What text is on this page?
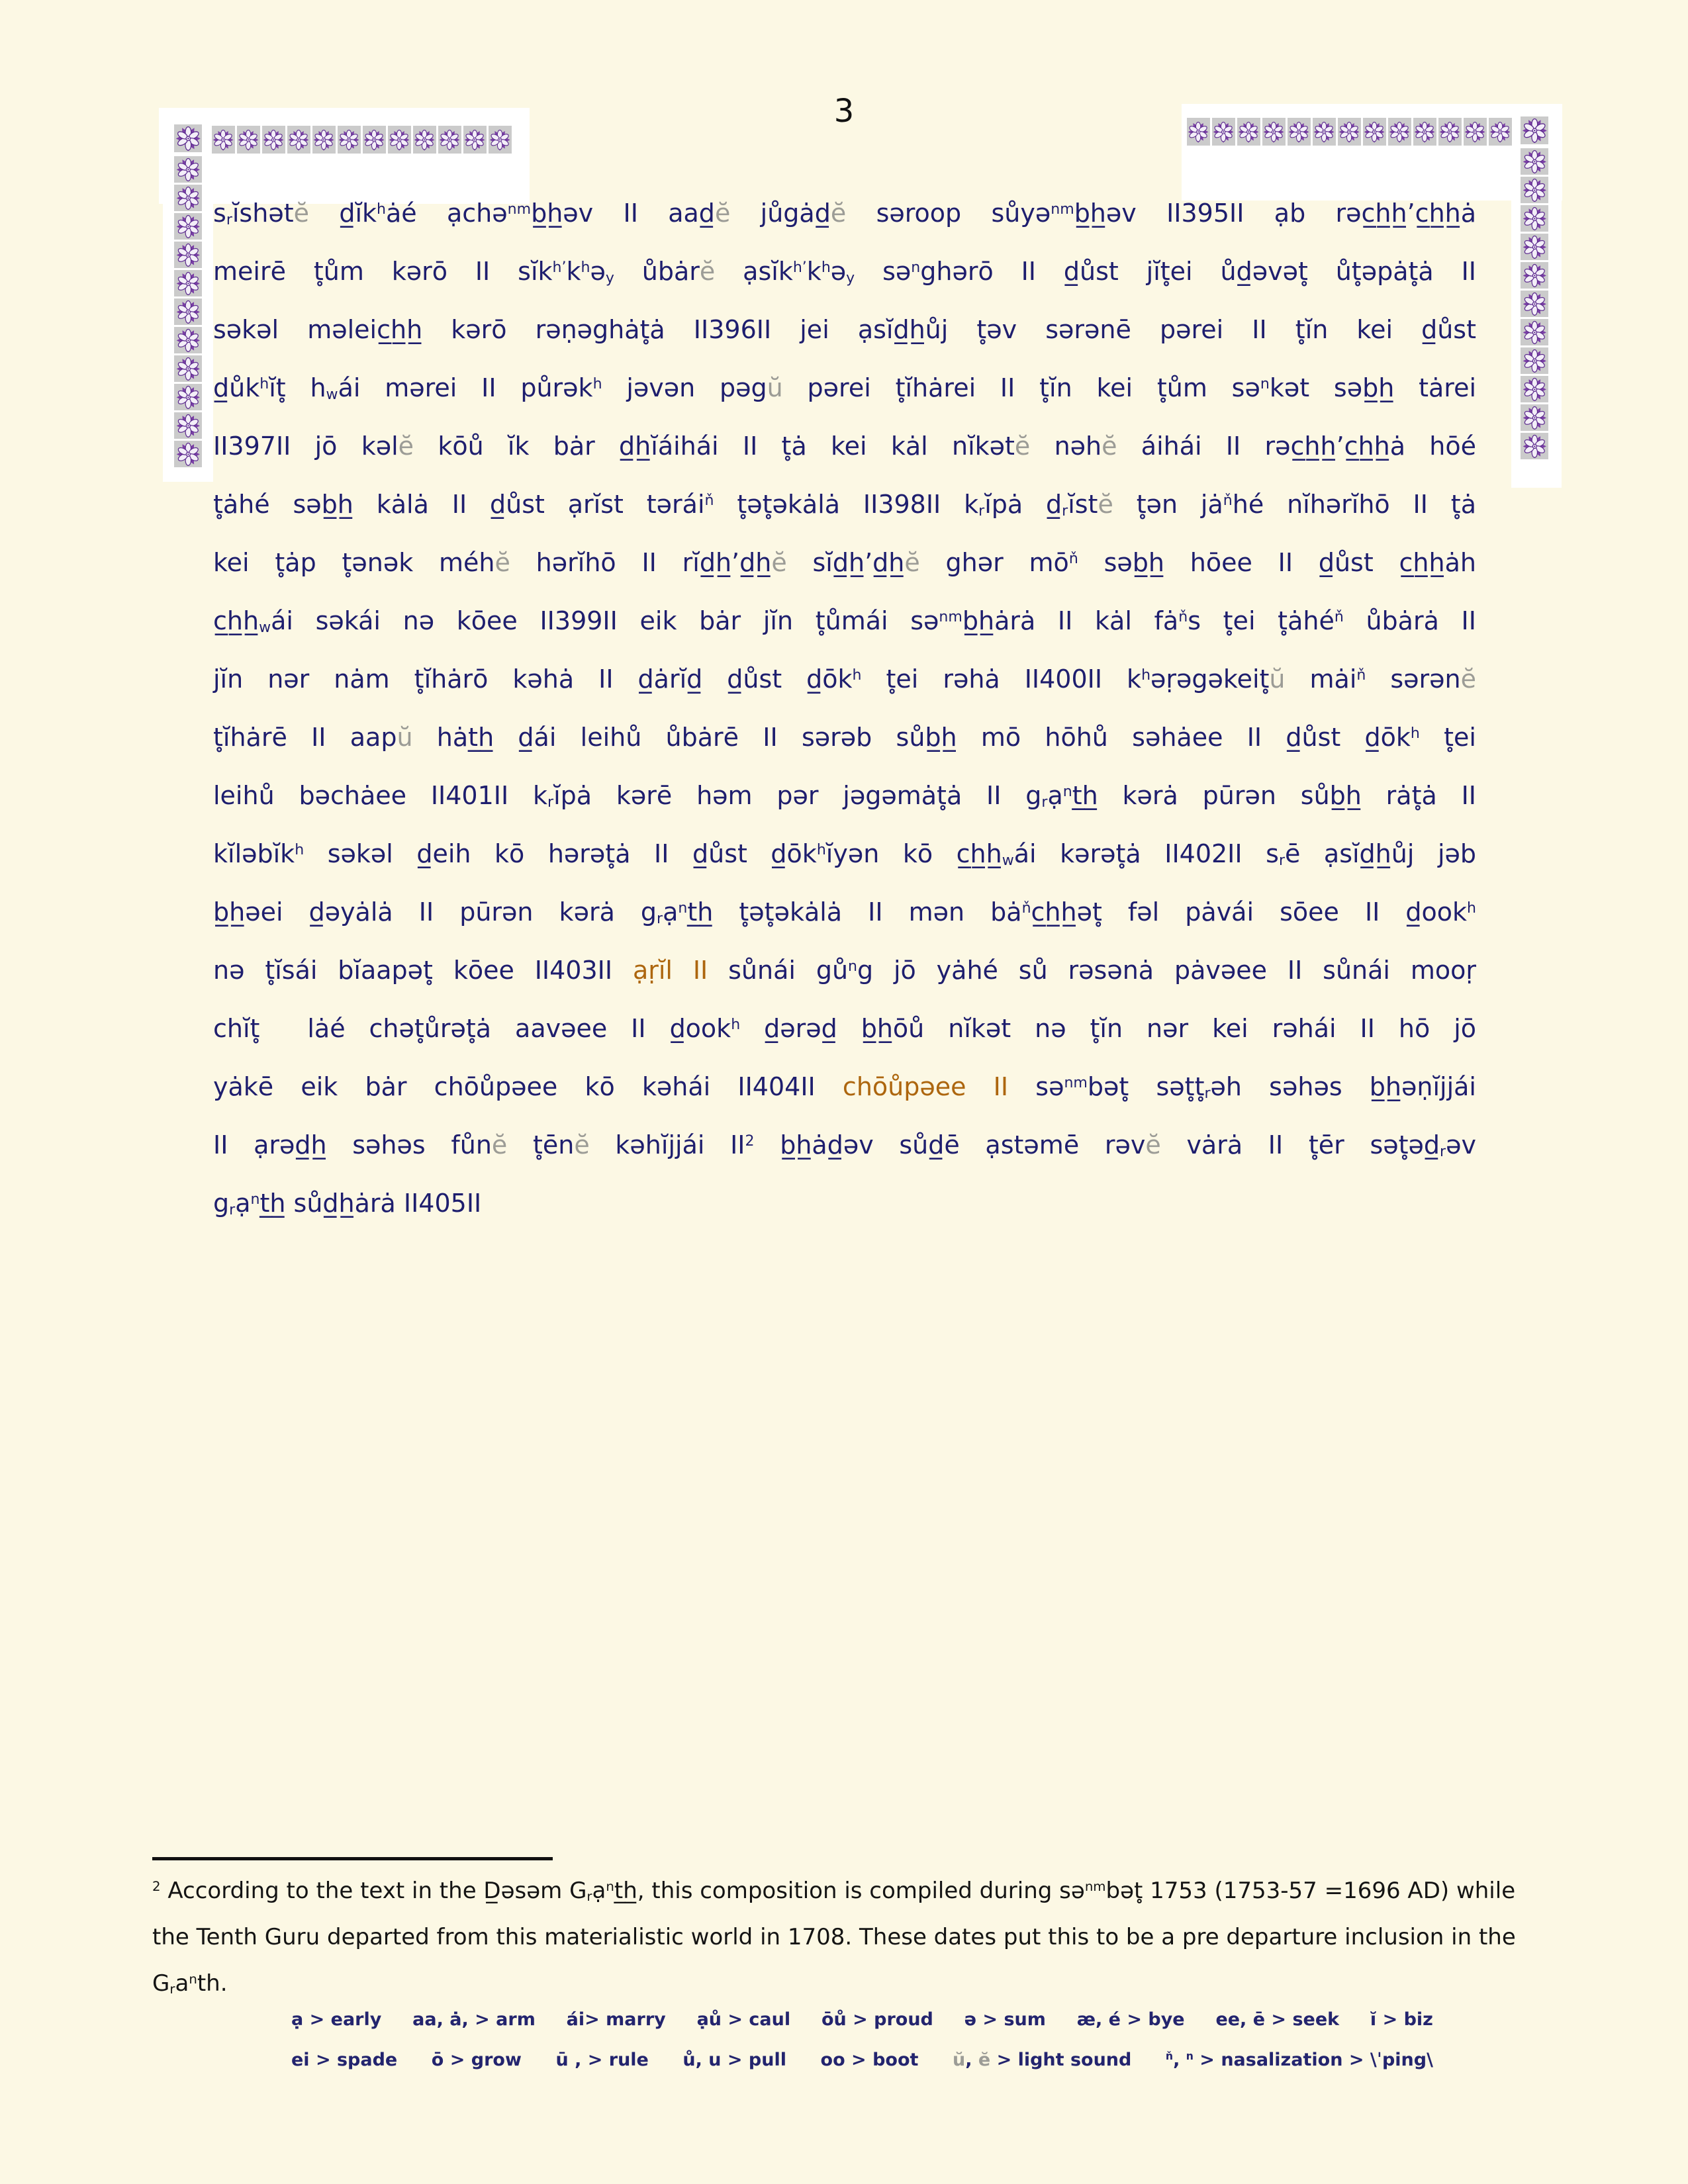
3
$s_rĭshətĕ$ $d̲ĭk^hȧé$ ạchə$^{nm}$b̲h̲əv II aad̲ĕ jůgȧd̲ĕ səroop sůyə$^{nm}$b̲h̲əv II395II ạb rəc̲h̲h̲’c̲h̲h̲ȧ
meirē t̥ům kərō II $sĭk^{h’}k^hə_y$ ůbȧrĕ $ạsĭk^{h’}k^hə_y$ sə$^n$ghərō II d̲ůst jĭt̥ei ůd̲əvət̥ ůt̥əpȧt̥ȧ II
səkəl məleic̲h̲h̲ kərō rəṇəghȧt̥ȧ II396II jei ạsĭd̲h̲ůj t̥əv sərənē pərei II t̥ĭn kei d̲ůst
$d̲ůk^hĭt̥$ $h_wái$ mərei II půrək$^h$ jəvən pəgŭ pərei t̥ĭhȧrei II t̥ĭn kei t̥ům sə$^n$kət səb̲h̲ tȧrei
II397II jō kəlĕ kōů ĭk bȧr d̲h̲ĭáihái II t̥ȧ kei kȧl nĭkətĕ nəhĕ áihái II rəc̲h̲h̲’c̲h̲h̲ȧ hōé
t̥ȧhé səb̲h̲ kȧlȧ II d̲ůst ạrĭst tərái$^ň$ t̥ət̥əkȧlȧ II398II $k_rĭpȧ$ $d̲_rĭstĕ$ t̥ən $jȧ^ňhé$ nĭhərĭhō II t̥ȧ
kei t̥ȧp t̥ənək méhĕ hərĭhō II rĭd̲h̲’d̲h̲ĕ sĭd̲h̲’d̲h̲ĕ ghər $mō^ň$ səb̲h̲ hōee II d̲ůst c̲h̲h̲ȧh
$c̲h̲h̲_wái$ səkái nə kōee II399II eik bȧr jĭn t̥ůmái sə$^{nm}$b̲h̲ȧrȧ II kȧl $fȧ^ňs$ t̥ei t̥ȧhé$^ň$ ůbȧrȧ II
jĭn nər nȧm t̥ĭhȧrō kəhȧ II d̲ȧrĭd̲ d̲ůst $d̲ōk^h$ t̥ei rəhȧ II400II $k^həṛəgəkeit̥ŭ$ mȧi$^ň$ sərənĕ
t̥ĭhȧrē II aapŭ hȧt̲h̲ d̲ái leihů ůbȧrē II sərəb sůb̲h̲ mō hōhů səhȧee II d̲ůst $d̲ōk^h$ t̥ei
leihů bəchȧee II401II $k_rĭpȧ$ kərē həm pər jəgəmȧt̥ȧ II $g_rạ^nt̲h̲$ kərȧ pūrən sůb̲h̲ rȧt̥ȧ II
kĭləbĭk$^h$ səkəl d̲eih kō hərət̥ȧ II d̲ůst $d̲ōk^hĭyən$ kō $c̲h̲h̲_wái$ kərət̥ȧ II402II $s_rē$ ạsĭd̲h̲ůj jəb
b̲h̲əei d̲əyȧlȧ II pūrən kərȧ $g_rạ^nt̲h̲$ t̥ət̥əkȧlȧ II mən $bȧ^ňc̲h̲h̲ət̥$ fəl pȧvái sōee II d̲ook$^h$
nə t̥ĭsái bĭaapət̥ kōee II403II ạṛĭl II sůnái $gů^ng$ jō yȧhé sů rəsənȧ pȧvəee II sůnái mooṛ
chĭt̥  lȧé chət̥ůrət̥ȧ aavəee II d̲ook$^h$ d̲ərəd̲ b̲h̲ōů nĭkət nə t̥ĭn nər kei rəhái II hō jō
yȧkē eik bȧr chōůpəee kō kəhái II404II chōůpəee II sə$^{nm}$bət̥ $sət̥t̥_rəh$ səhəs b̲h̲əṇĭjjái
II ạrəd̲h̲ səhəs fůnĕ t̥ēnĕ kəhĭjjái $II^2$ b̲h̲ȧd̲əv sůd̲ē ạstəmē rəvĕ vȧrȧ II t̥ēr $sət̥əd̲_rəv$
$g_rạ^nt̲h̲$ sůd̲h̲ȧrȧ II405II
$^2$ According to the text in the D̲əsəm $G_rạ^nt̲h̲$, this composition is compiled during sə$^{nm}$bət̥ 1753 (1753-57 =1696 AD) while the Tenth Guru departed from this materialistic world in 1708. These dates put this to be a pre departure inclusion in the $G_ra^nth$.
ạ > early aa, ȧ, > arm ái> marry ạů > caul ōů > proud ə > sum æ, é > bye ee, ē > seek ĭ > biz
ei > spade ō > grow ū , > rule ů, u > pull oo > boot ŭ, ĕ > light sound	$^ň$, $^n$ > nasalization > \ˈping\
